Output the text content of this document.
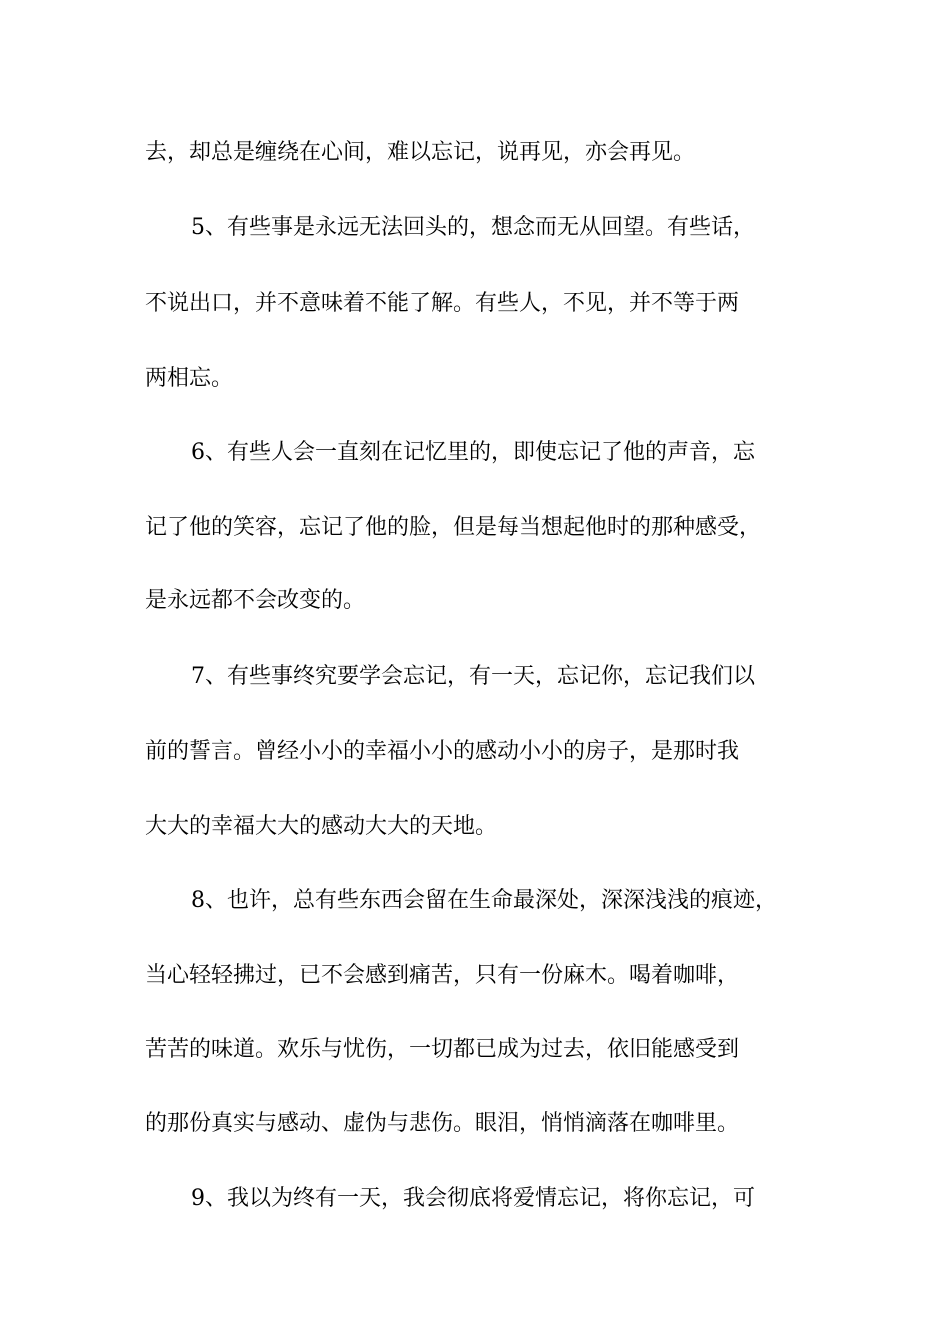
去，却总是缠绕在心间，难以忘记，说再见，亦会再见。
5、有些事是永远无法回头的，想念而无从回望。有些话，
不说出口，并不意味着不能了解。有些人，不见，并不等于两
两相忘。
6、有些人会一直刻在记忆里的，即使忘记了他的声音，忘
记了他的笑容，忘记了他的脸，但是每当想起他时的那种感受，
是永远都不会改变的。
7、有些事终究要学会忘记，有一天，忘记你，忘记我们以
前的誓言。曾经小小的幸福小小的感动小小的房子，是那时我
大大的幸福大大的感动大大的天地。
8、也许，总有些东西会留在生命最深处，深深浅浅的痕迹，
当心轻轻拂过，已不会感到痛苦，只有一份麻木。喝着咖啡，
苦苦的味道。欢乐与忧伤，一切都已成为过去，依旧能感受到
的那份真实与感动、虚伪与悲伤。眼泪，悄悄滴落在咖啡里。
9、我以为终有一天，我会彻底将爱情忘记，将你忘记，可
